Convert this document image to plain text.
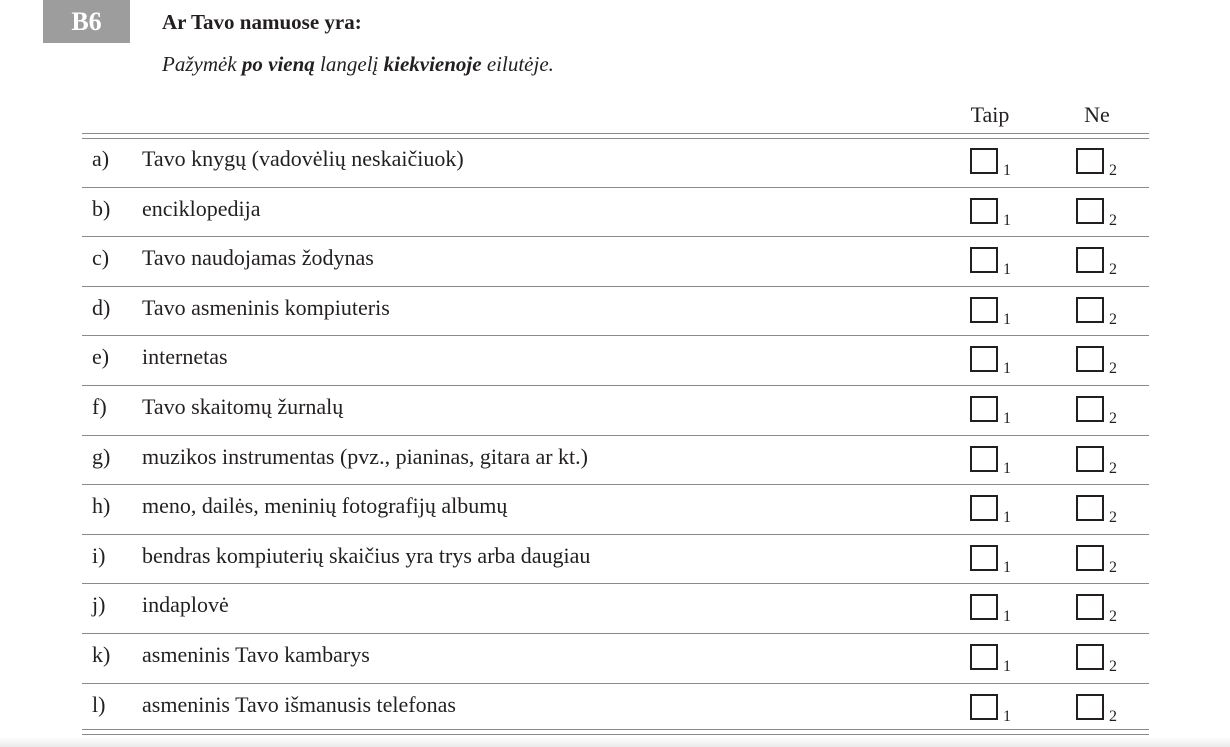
B6	Ar Tavo namuose yra:
Pažymėk po vieną langelį kiekvienoje eilutėje.
Taip	Ne
a) Tavo knygų (vadovėlių neskaičiuok)	1	2
b) enciklopedija	1	2
c) Tavo naudojamas žodynas	1	2
d) Tavo asmeninis kompiuteris	1	2
e) internetas	1	2
f) Tavo skaitomų žurnalų	1	2
g) muzikos instrumentas (pvz., pianinas, gitara ar kt.)	1	2
h) meno, dailės, meninių fotografijų albumų	1	2
i) bendras kompiuterių skaičius yra trys arba daugiau	1	2
j) indaplovė	1	2
k) asmeninis Tavo kambarys	1	2
l) asmeninis Tavo išmanusis telefonas	1	2
